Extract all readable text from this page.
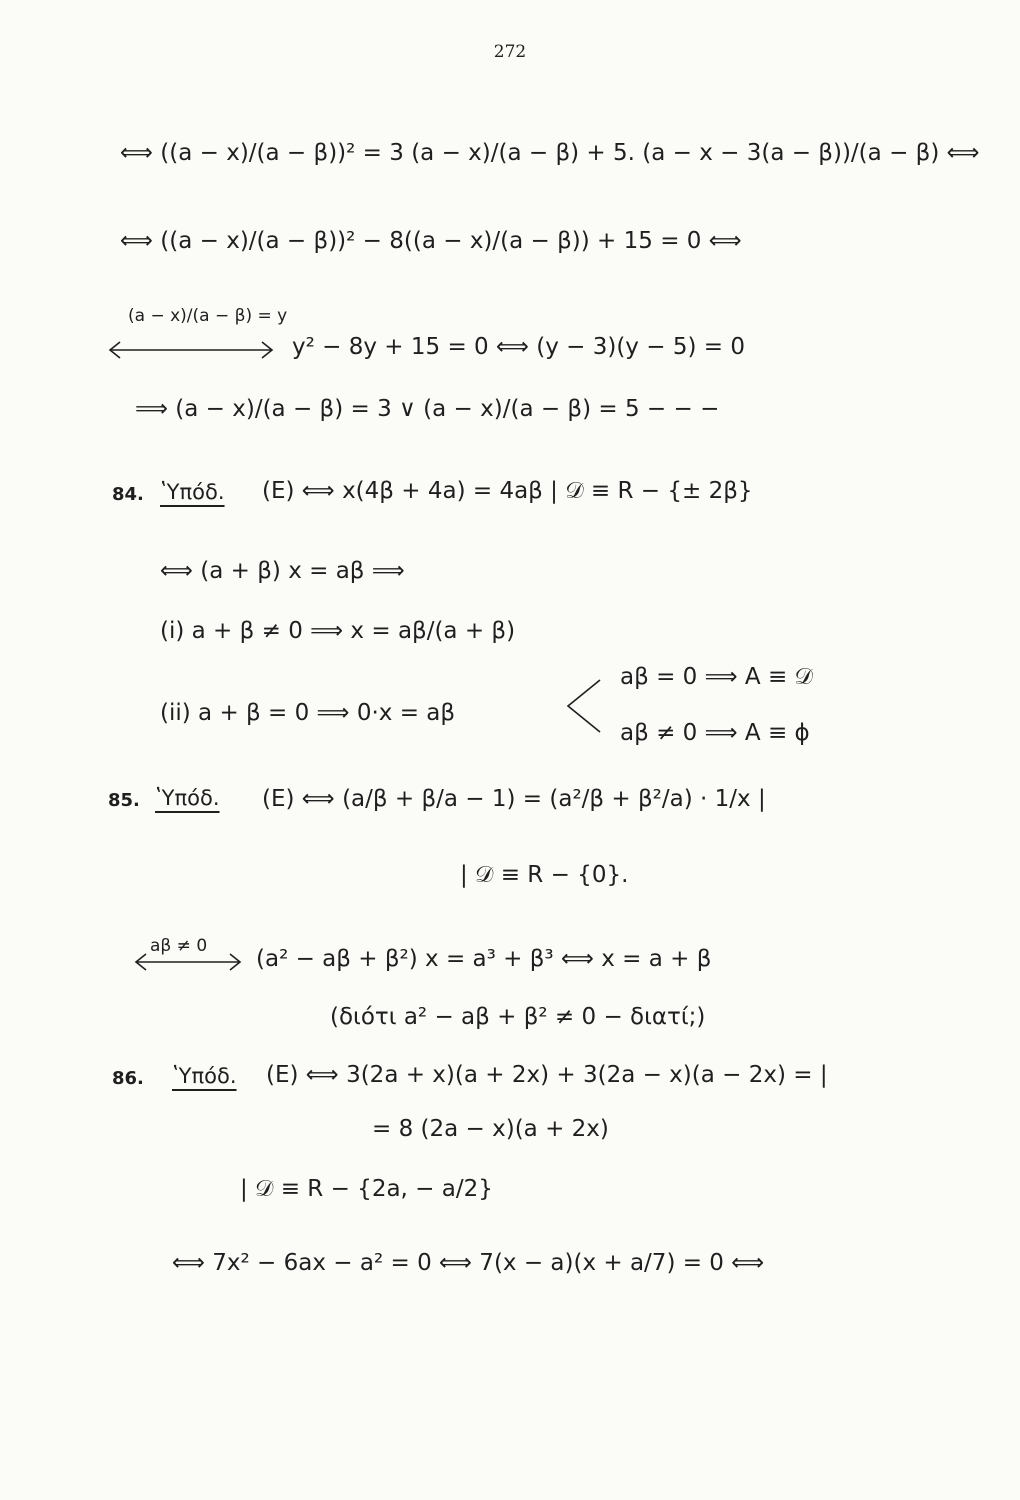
272
⟺ ((a − x)/(a − β))² = 3 (a − x)/(a − β) + 5. (a − x − 3(a − β))/(a − β) ⟺
⟺ ((a − x)/(a − β))² − 8((a − x)/(a − β)) + 15 = 0 ⟺
(a − x)/(a − β) = y
y² − 8y + 15 = 0 ⟺ (y − 3)(y − 5) = 0
⟹ (a − x)/(a − β) = 3 ∨ (a − x)/(a − β) = 5 − − −
84. ʽΥπόδ. (E) ⟺ x(4β + 4a) = 4aβ | 𝒟 ≡ R − {± 2β}
⟺ (a + β) x = aβ ⟹
(i) a + β ≠ 0 ⟹ x = aβ/(a + β)
(ii) a + β = 0 ⟹ 0·x = aβ
aβ = 0 ⟹ A ≡ 𝒟
aβ ≠ 0 ⟹ A ≡ ϕ
85. ʽΥπόδ. (E) ⟺ (a/β + β/a − 1) = (a²/β + β²/a) · 1/x |
| 𝒟 ≡ R − {0}.
aβ ≠ 0 (a² − aβ + β²) x = a³ + β³ ⟺ x = a + β
(διότι a² − aβ + β² ≠ 0 − διατί;)
86. ʽΥπόδ. (E) ⟺ 3(2a + x)(a + 2x) + 3(2a − x)(a − 2x) = |
= 8 (2a − x)(a + 2x)
| 𝒟 ≡ R − {2a, − a/2}
⟺ 7x² − 6ax − a² = 0 ⟺ 7(x − a)(x + a/7) = 0 ⟺
